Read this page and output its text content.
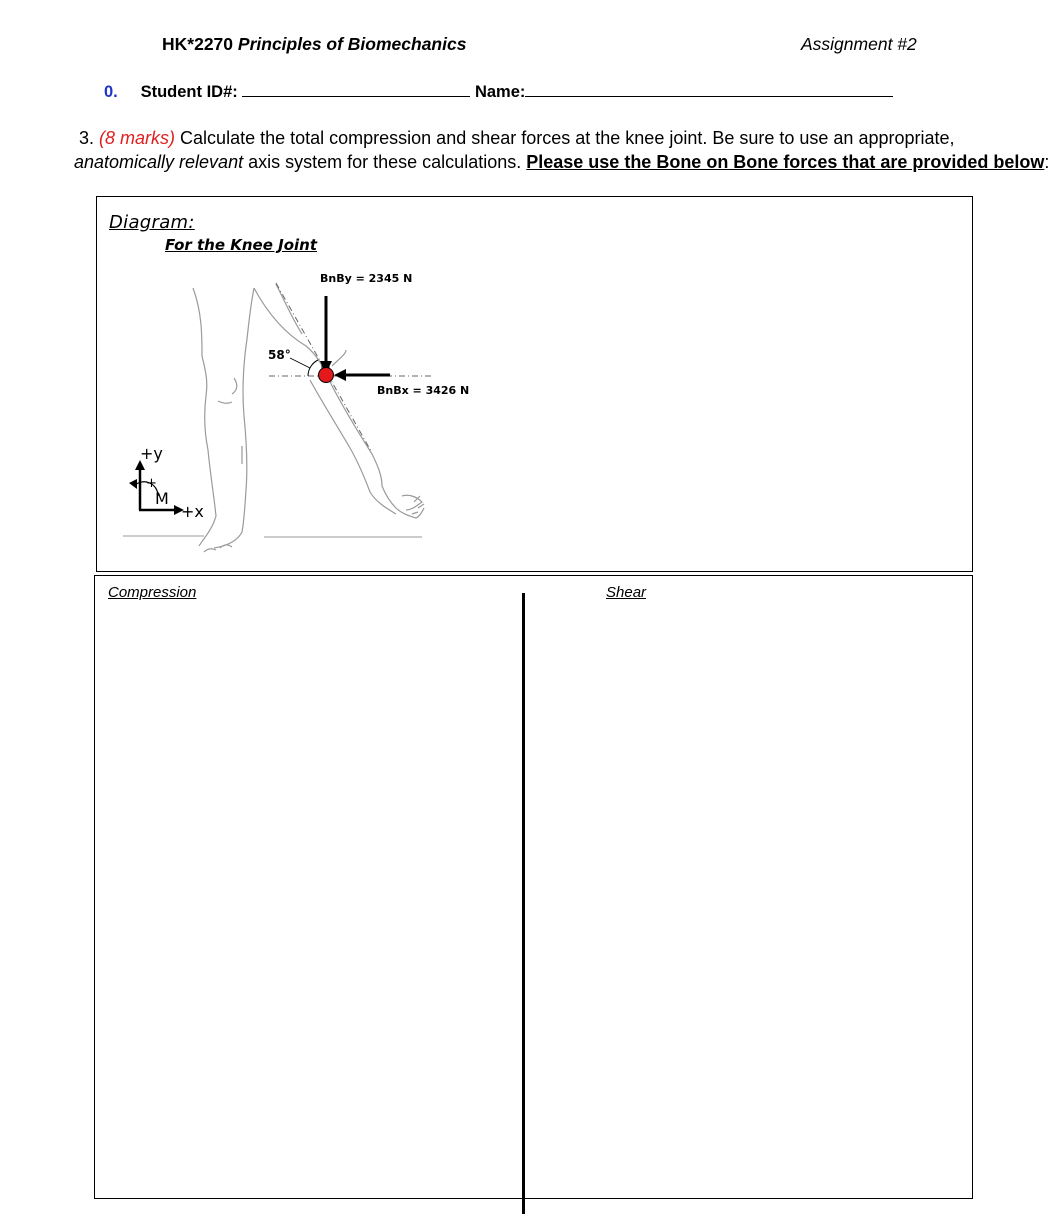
HK*2270 Principles of Biomechanics	Assignment #2
0. Student ID#:	Name:
3. (8 marks) Calculate the total compression and shear forces at the knee joint. Be sure to use an appropriate,
anatomically relevant axis system for these calculations. Please use the Bone on Bone forces that are provided below:
Diagram:
For the Knee Joint
BnBy = 2345 N
BnBx = 3426 N
58°
+y
+x
+
M
Compression	Shear
